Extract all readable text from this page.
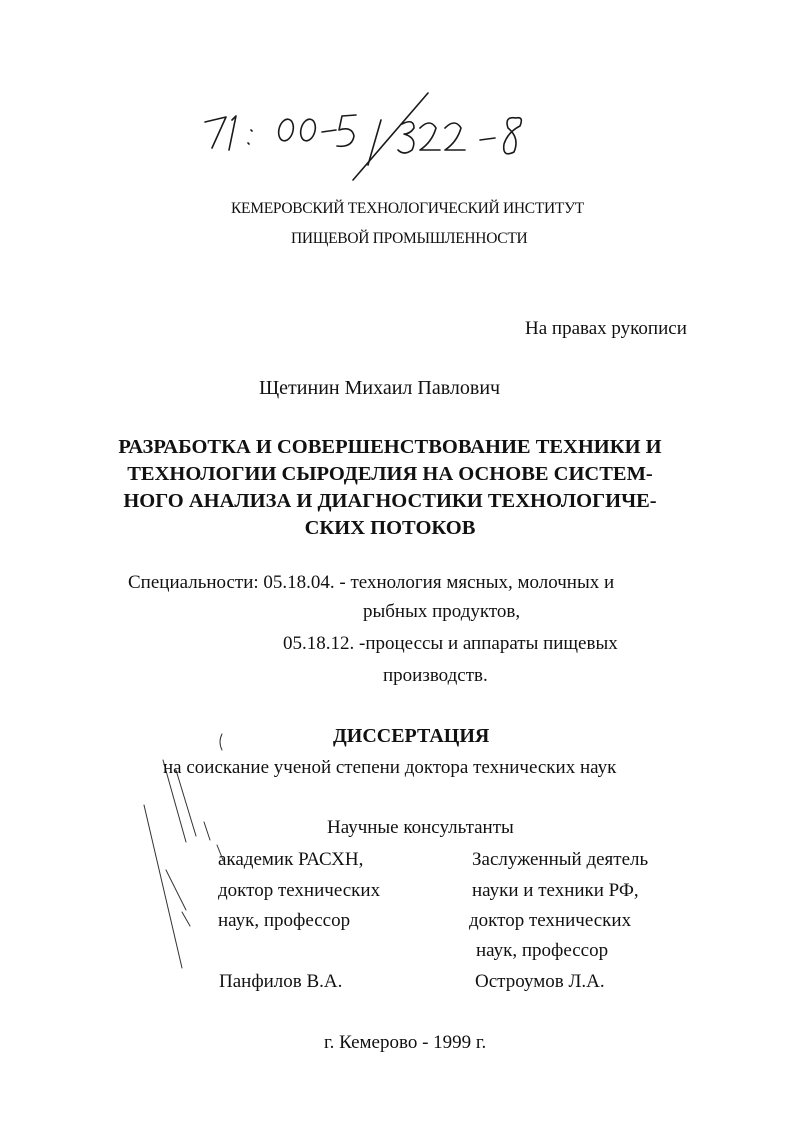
КЕМЕРОВСКИЙ ТЕХНОЛОГИЧЕСКИЙ ИНСТИТУТ
ПИЩЕВОЙ ПРОМЫШЛЕННОСТИ
На правах рукописи
Щетинин Михаил Павлович
РАЗРАБОТКА И СОВЕРШЕНСТВОВАНИЕ ТЕХНИКИ И
ТЕХНОЛОГИИ СЫРОДЕЛИЯ НА ОСНОВЕ СИСТЕМ-
НОГО АНАЛИЗА И ДИАГНОСТИКИ ТЕХНОЛОГИЧЕ-
СКИХ ПОТОКОВ
Специальности: 05.18.04. - технология мясных, молочных и
рыбных продуктов,
05.18.12. -процессы и аппараты пищевых
производств.
ДИССЕРТАЦИЯ
на соискание ученой степени доктора технических наук
Научные консультанты
академик РАСХН,
доктор технических
наук, профессор
Панфилов В.А.
Заслуженный деятель
науки и техники РФ,
доктор технических
наук, профессор
Остроумов Л.А.
г. Кемерово - 1999 г.
